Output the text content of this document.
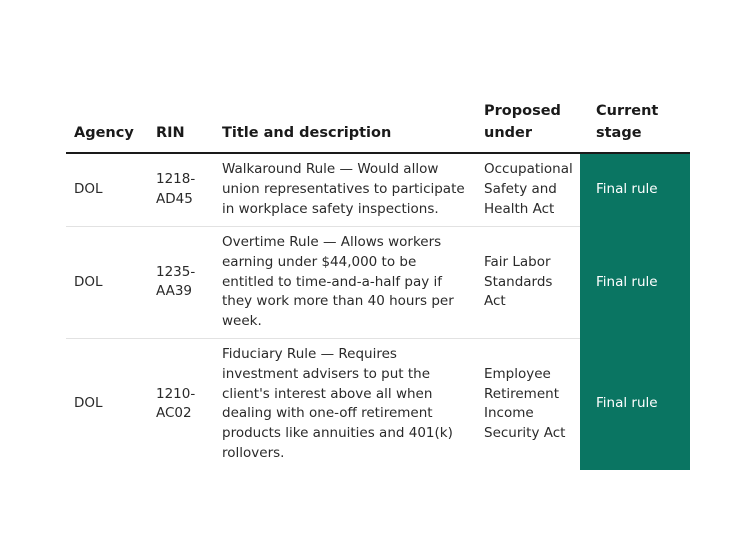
Agency	RIN	Title and description	Proposed under	Current stage
DOL	1218-AD45	Walkaround Rule — Would allow union representatives to participate in workplace safety inspections.	Occupational Safety and Health Act	Final rule
DOL	1235-AA39	Overtime Rule — Allows workers earning under $44,000 to be entitled to time-and-a-half pay if they work more than 40 hours per week.	Fair Labor Standards Act	Final rule
DOL	1210-AC02	Fiduciary Rule — Requires investment advisers to put the client's interest above all when dealing with one-off retirement products like annuities and 401(k) rollovers.	Employee Retirement Income Security Act	Final rule
